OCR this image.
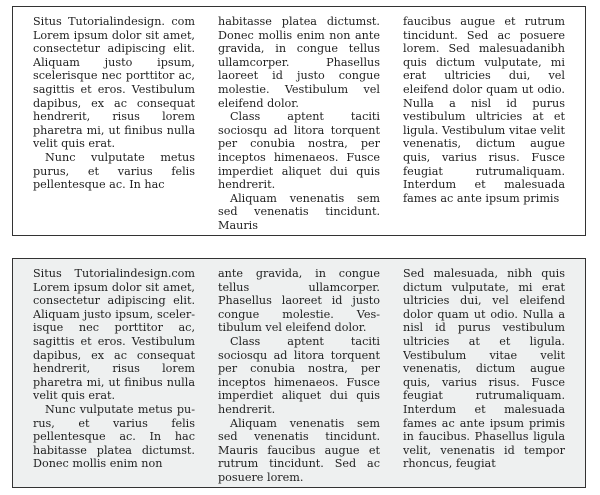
Situs Tutorialindesign. com Lorem ipsum dolor sit amet, consectetur adipiscing elit. Aliquam justo ipsum, scelerisque nec porttitor ac, sagittis et eros. Vestibulum dapibus, ex ac consequat hendrerit, risus lorem pharetra mi, ut finibus nulla velit quis erat.

Nunc vulputate metus purus, et varius felis pellentesque ac. In hac

habitasse platea dictumst. Donec mollis enim non ante gravida, in congue tellus ullamcorper. Phasellus laoreet id justo congue molestie. Vestibulum vel eleifend dolor.

Class aptent taciti sociosqu ad litora torquent per conubia nostra, per inceptos himenaeos. Fusce imperdiet aliquet dui quis hendrerit.

Aliquam venenatis sem sed venenatis tincidunt. Mauris

faucibus augue et rutrum tincidunt. Sed ac posuere lorem. Sed malesuadanibh quis dictum vulputate, mi erat ultricies dui, vel eleifend dolor quam ut odio. Nulla a nisl id purus vestibulum ultricies at et ligula. Vestibulum vitae velit venenatis, dictum augue quis, varius risus. Fusce feugiat rutrumaliquam. Interdum et malesuada fames ac ante ipsum primis

Situs Tutorialindesign.com Lorem ipsum dolor sit amet, consectetur adipiscing elit. Aliquam justo ipsum, scelerisque nec porttitor ac, sagittis et eros. Vestibulum dapibus, ex ac consequat hendrerit, risus lorem pharetra mi, ut finibus nulla velit quis erat.

Nunc vulputate metus purus, et varius felis pellentesque ac. In hac habitasse platea dictumst. Donec mollis enim non

ante gravida, in congue tellus ullamcorper. Phasellus laoreet id justo congue molestie. Vestibulum vel eleifend dolor.

Class aptent taciti sociosqu ad litora torquent per conubia nostra, per inceptos himenaeos. Fusce imperdiet aliquet dui quis hendrerit.

Aliquam venenatis sem sed venenatis tincidunt. Mauris faucibus augue et rutrum tincidunt. Sed ac posuere lorem.

Sed malesuada, nibh quis dictum vulputate, mi erat ultricies dui, vel eleifend dolor quam ut odio. Nulla a nisl id purus vestibulum ultricies at et ligula. Vestibulum vitae velit venenatis, dictum augue quis, varius risus. Fusce feugiat rutrumaliquam. Interdum et malesuada fames ac ante ipsum primis in faucibus. Phasellus ligula velit, venenatis id tempor rhoncus, feugiat
